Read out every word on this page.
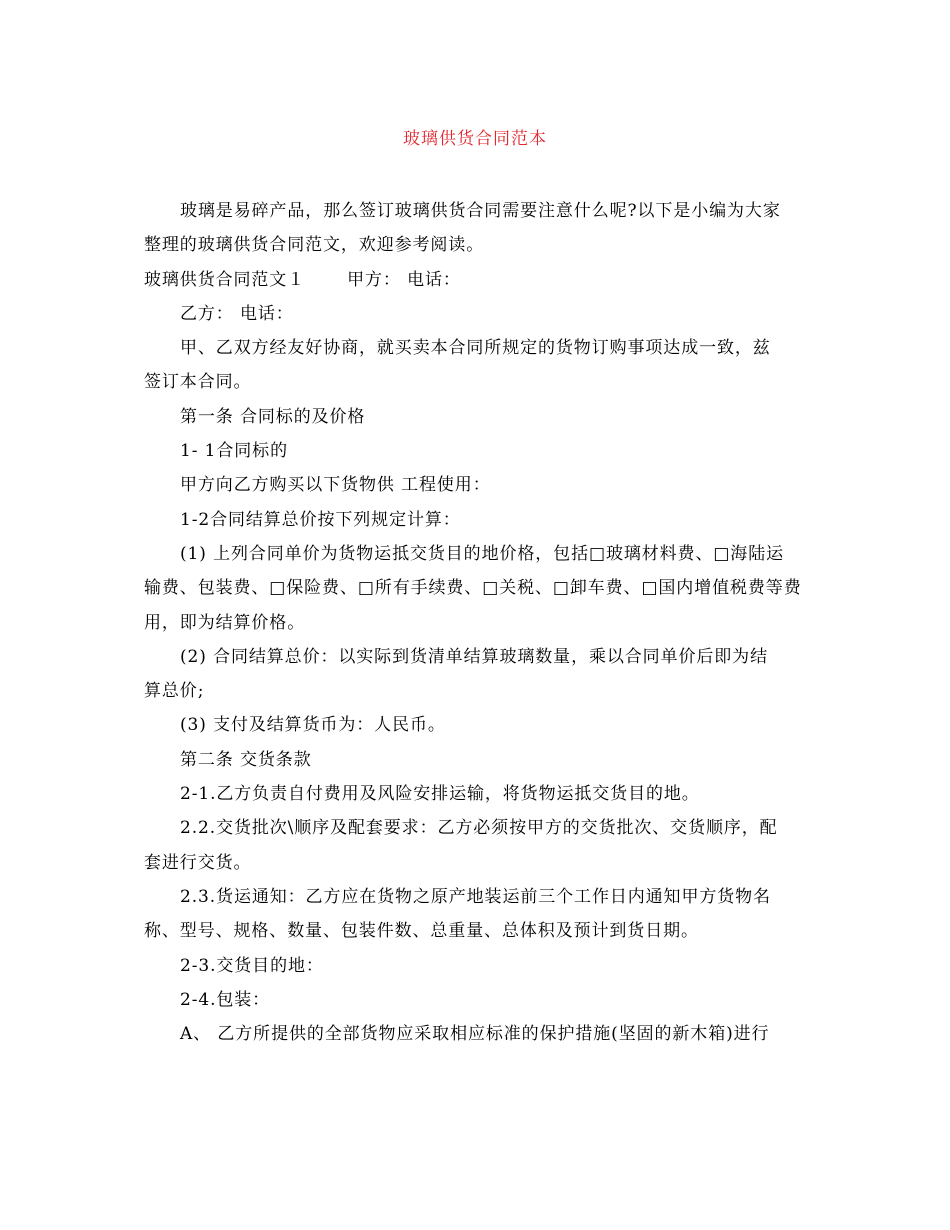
玻璃供货合同范本

玻璃是易碎产品，那么签订玻璃供货合同需要注意什么呢?以下是小编为大家

整理的玻璃供货合同范文，欢迎参考阅读。

玻璃供货合同范文１ 甲方： 电话：

乙方： 电话：

甲、乙双方经友好协商，就买卖本合同所规定的货物订购事项达成一致，兹

签订本合同。

第一条 合同标的及价格

1- 1合同标的

甲方向乙方购买以下货物供 工程使用：

1-2合同结算总价按下列规定计算：

(1) 上列合同单价为货物运抵交货目的地价格，包括□玻璃材料费、□海陆运

输费、包装费、□保险费、□所有手续费、□关税、□卸车费、□国内增值税费等费

用，即为结算价格。

(2) 合同结算总价：以实际到货清单结算玻璃数量，乘以合同单价后即为结

算总价;

(3) 支付及结算货币为：人民币。

第二条 交货条款

2-1.乙方负责自付费用及风险安排运输，将货物运抵交货目的地。

2.2.交货批次\顺序及配套要求：乙方必须按甲方的交货批次、交货顺序，配

套进行交货。

2.3.货运通知：乙方应在货物之原产地装运前三个工作日内通知甲方货物名

称、型号、规格、数量、包装件数、总重量、总体积及预计到货日期。

2-3.交货目的地：

2-4.包装：

A、 乙方所提供的全部货物应采取相应标准的保护措施(坚固的新木箱)进行
